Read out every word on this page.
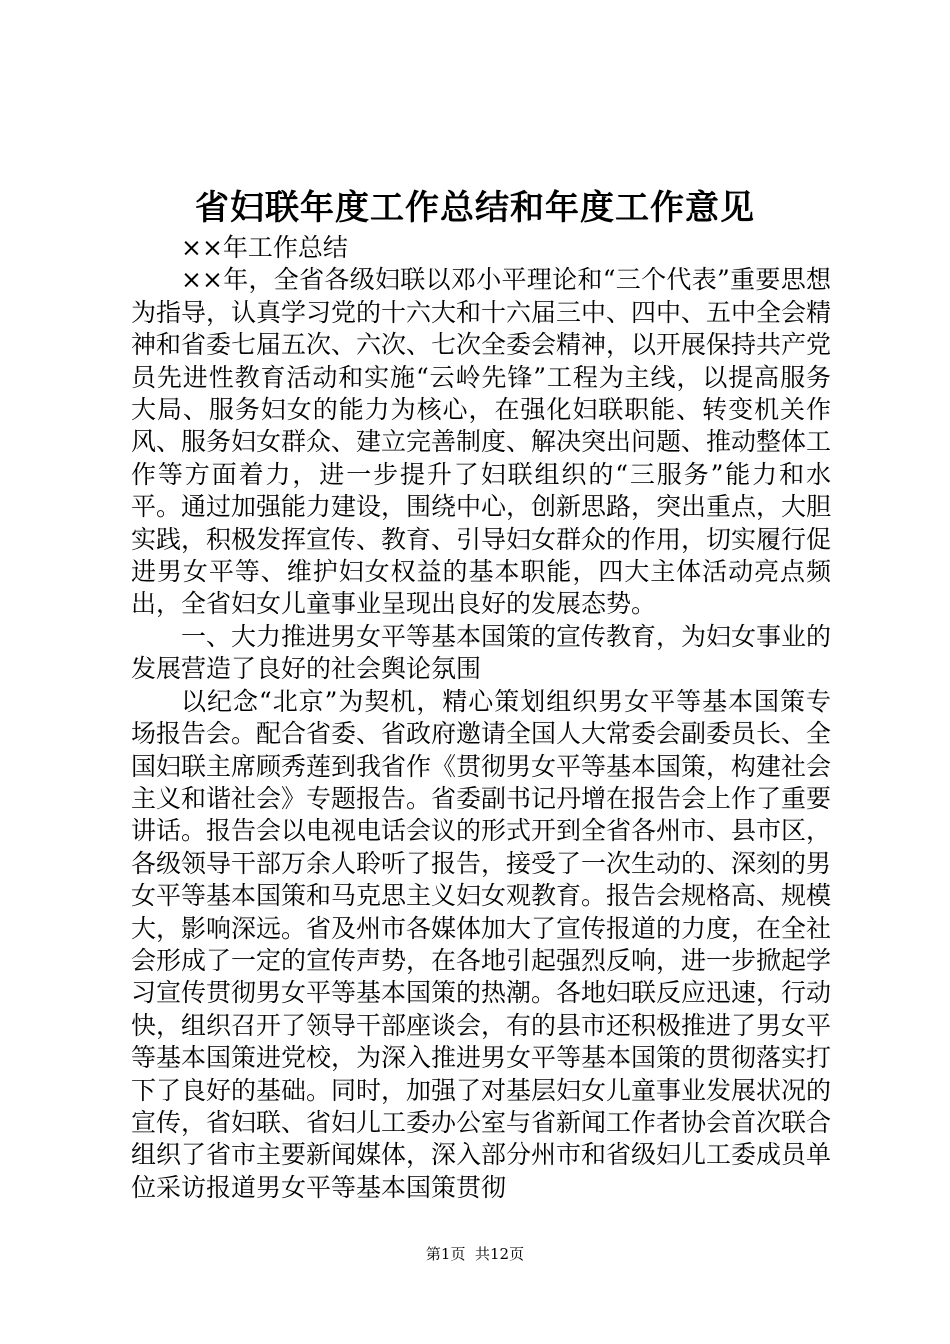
省妇联年度工作总结和年度工作意见

××年工作总结

××年，全省各级妇联以邓小平理论和“三个代表”重要思想为指导，认真学习党的十六大和十六届三中、四中、五中全会精神和省委七届五次、六次、七次全委会精神，以开展保持共产党员先进性教育活动和实施“云岭先锋”工程为主线，以提高服务大局、服务妇女的能力为核心，在强化妇联职能、转变机关作风、服务妇女群众、建立完善制度、解决突出问题、推动整体工作等方面着力，进一步提升了妇联组织的“三服务”能力和水平。通过加强能力建设，围绕中心，创新思路，突出重点，大胆实践，积极发挥宣传、教育、引导妇女群众的作用，切实履行促进男女平等、维护妇女权益的基本职能，四大主体活动亮点频出，全省妇女儿童事业呈现出良好的发展态势。

一、大力推进男女平等基本国策的宣传教育，为妇女事业的发展营造了良好的社会舆论氛围

以纪念“北京”为契机，精心策划组织男女平等基本国策专场报告会。配合省委、省政府邀请全国人大常委会副委员长、全国妇联主席顾秀莲到我省作《贯彻男女平等基本国策，构建社会主义和谐社会》专题报告。省委副书记丹增在报告会上作了重要讲话。报告会以电视电话会议的形式开到全省各州市、县市区，各级领导干部万余人聆听了报告，接受了一次生动的、深刻的男女平等基本国策和马克思主义妇女观教育。报告会规格高、规模大，影响深远。省及州市各媒体加大了宣传报道的力度，在全社会形成了一定的宣传声势，在各地引起强烈反响，进一步掀起学习宣传贯彻男女平等基本国策的热潮。各地妇联反应迅速，行动快，组织召开了领导干部座谈会，有的县市还积极推进了男女平等基本国策进党校，为深入推进男女平等基本国策的贯彻落实打下了良好的基础。同时，加强了对基层妇女儿童事业发展状况的宣传，省妇联、省妇儿工委办公室与省新闻工作者协会首次联合组织了省市主要新闻媒体，深入部分州市和省级妇儿工委成员单位采访报道男女平等基本国策贯彻

第1页  共12页
